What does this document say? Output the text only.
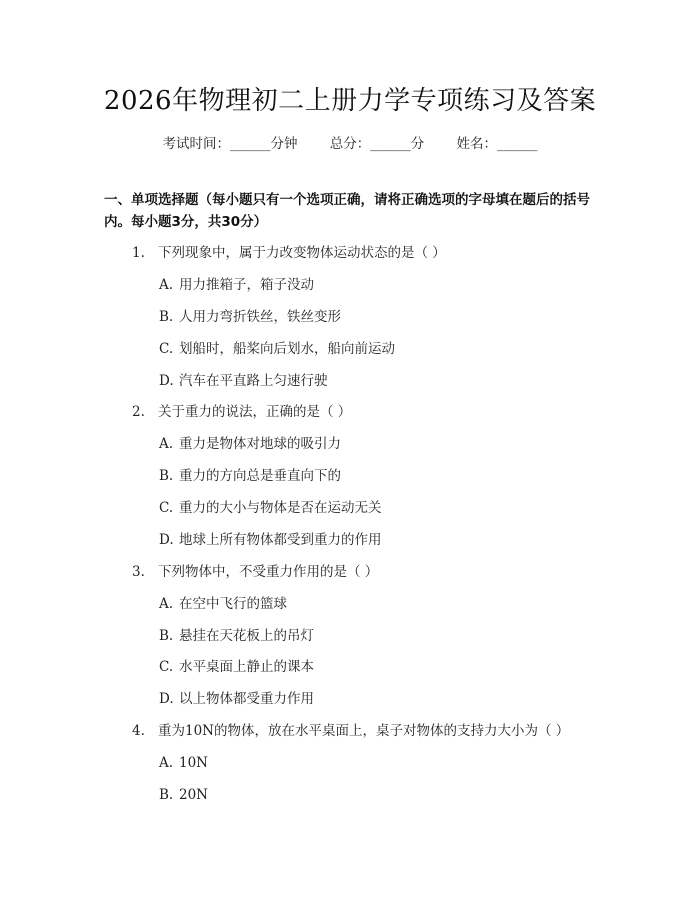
2026年物理初二上册力学专项练习及答案
考试时间：______分钟 总分：______分 姓名：______
一、单项选择题（每小题只有一个选项正确，请将正确选项的字母填在题后的括号内。每小题3分，共30分）
1. 下列现象中，属于力改变物体运动状态的是（ ）
A. 用力推箱子，箱子没动
B. 人用力弯折铁丝，铁丝变形
C. 划船时，船桨向后划水，船向前运动
D. 汽车在平直路上匀速行驶
2. 关于重力的说法，正确的是（ ）
A. 重力是物体对地球的吸引力
B. 重力的方向总是垂直向下的
C. 重力的大小与物体是否在运动无关
D. 地球上所有物体都受到重力的作用
3. 下列物体中，不受重力作用的是（ ）
A. 在空中飞行的篮球
B. 悬挂在天花板上的吊灯
C. 水平桌面上静止的课本
D. 以上物体都受重力作用
4. 重为10N的物体，放在水平桌面上，桌子对物体的支持力大小为（ ）
A. 10N
B. 20N
